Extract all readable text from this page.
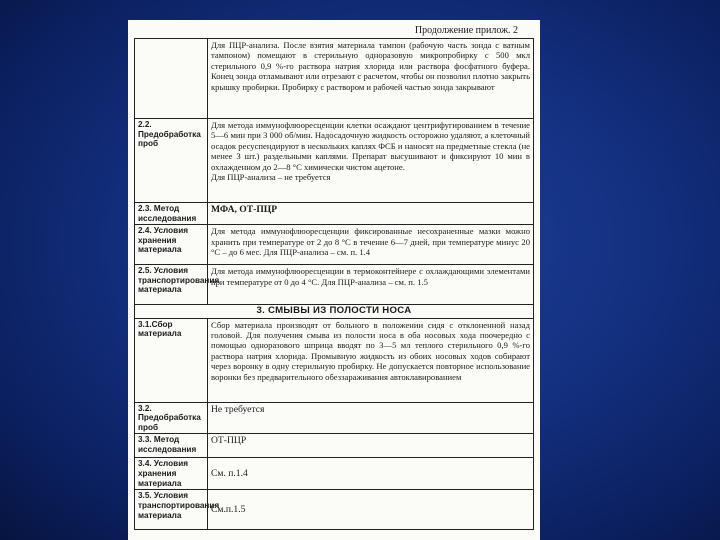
Продолжение прилож. 2
	Для ПЦР-анализа. После взятия материала тампон (рабочую часть зонда с ватным тампоном) помещают в стерильную одноразовую микропробирку с 500 мкл стерильного 0,9 %-го раствора натрия хлорида или раствора фосфатного буфера. Конец зонда отламывают или отрезают с расчетом, чтобы он позволил плотно закрыть крышку пробирки. Пробирку с раствором и рабочей частью зонда закрывают
2.2. Предобработка проб	Для метода иммунофлюоресценции клетки осаждают центрифугированием в течение 5—6 мин при 3 000 об/мин. Надосадочную жидкость осторожно удаляют, а клеточный осадок ресуспендируют в нескольких каплях ФСБ и наносят на предметные стекла (не менее 3 шт.) раздельными каплями. Препарат высушивают и фиксируют 10 мин в охлажденном до 2—8 °С химически чистом ацетоне.
Для ПЦР-анализа – не требуется

2.3. Метод исследования	МФА, ОТ-ПЦР
2.4. Условия хранения материала	Для метода иммунофлюоресценции фиксированные несохраненные мазки можно хранить при температуре от 2 до 8 °С в течение 6—7 дней, при температуре минус 20 °С – до 6 мес. Для ПЦР-анализа – см. п. 1.4
2.5. Условия транспортирования материала	Для метода иммунофлюоресценции в термоконтейнере с охлаждающими элементами при температуре от 0 до 4 °С. Для ПЦР-анализа – см. п. 1.5
3. СМЫВЫ ИЗ ПОЛОСТИ НОСА	
3.1.Сбор материала	Сбор материала производят от больного в положении сидя с отклоненной назад головой. Для получения смыва из полости носа в оба носовых хода поочередно с помощью одноразового шприца вводят по 3—5 мл теплого стерильного 0,9 %-го раствора натрия хлорида. Промывную жидкость из обоих носовых ходов собирают через воронку в одну стерильную пробирку. Не допускается повторное использование воронки без предварительного обеззараживания автоклавированием
3.2. Предобработка проб	Не требуется
3.3. Метод исследования	ОТ-ПЦР
3.4. Условия хранения материала	См. п.1.4
3.5. Условия транспортирования материала	См.п.1.5
